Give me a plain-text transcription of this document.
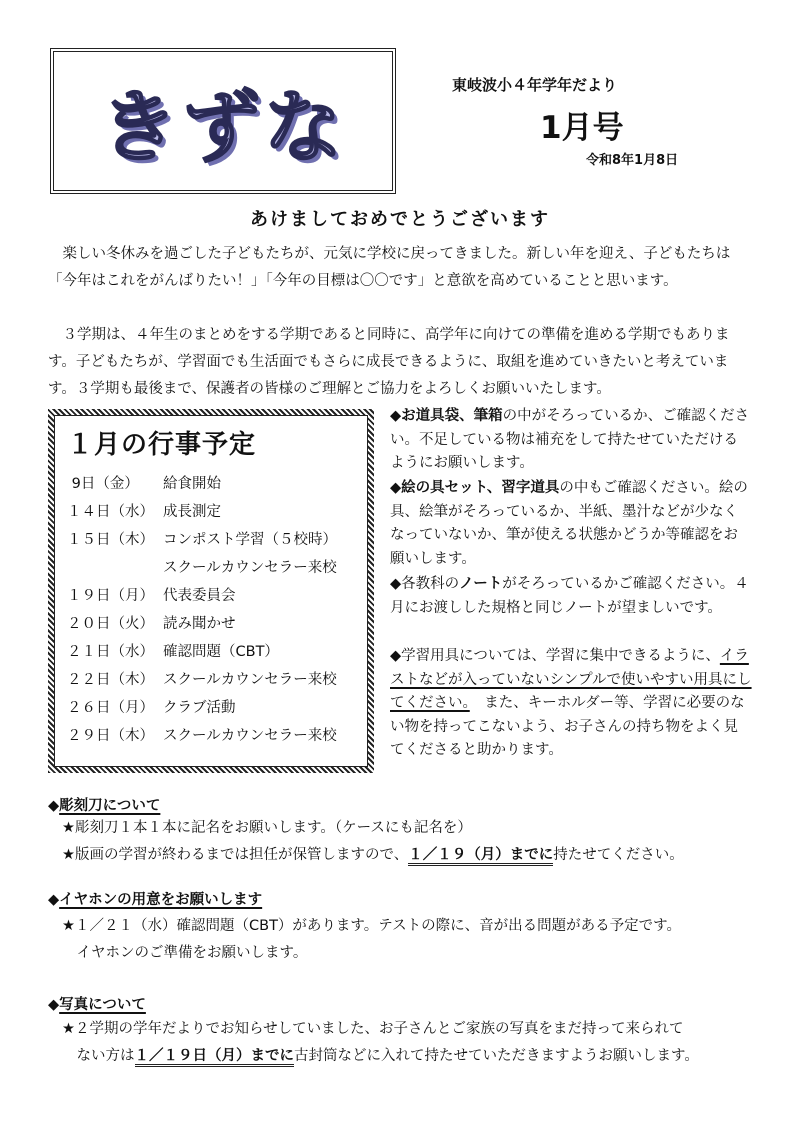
きずな	東岐波小４年学年だより
1月号
令和8年1月8日
あけましておめでとうございます
楽しい冬休みを過ごした子どもたちが、元気に学校に戻ってきました。新しい年を迎え、子どもたちは「今年はこれをがんばりたい！」「今年の目標は〇〇です」と意欲を高めていることと思います。
３学期は、４年生のまとめをする学期であると同時に、高学年に向けての準備を進める学期でもあります。子どもたちが、学習面でも生活面でもさらに成長できるように、取組を進めていきたいと考えています。３学期も最後まで、保護者の皆様のご理解とご協力をよろしくお願いいたします。
１月の行事予定
9日（金） 給食開始
１４日（水） 成長測定
１５日（木） コンポスト学習（５校時）
スクールカウンセラー来校
１９日（月） 代表委員会
２０日（火） 読み聞かせ
２１日（水） 確認問題（CBT）
２２日（木） スクールカウンセラー来校
２６日（月） クラブ活動
２９日（木） スクールカウンセラー来校
◆お道具袋、筆箱の中がそろっているか、ご確認ください。不足している物は補充をして持たせていただけるようにお願いします。
◆絵の具セット、習字道具の中もご確認ください。絵の具、絵筆がそろっているか、半紙、墨汁などが少なくなっていないか、筆が使える状態かどうか等確認をお願いします。
◆各教科のノートがそろっているかご確認ください。４月にお渡しした規格と同じノートが望ましいです。
◆学習用具については、学習に集中できるように、イラストなどが入っていないシンプルで使いやすい用具にしてください。　また、キーホルダー等、学習に必要のない物を持ってこないよう、お子さんの持ち物をよく見てくださると助かります。
◆彫刻刀について
★彫刻刀１本１本に記名をお願いします。（ケースにも記名を）
★版画の学習が終わるまでは担任が保管しますので、１／１９（月）までに持たせてください。
◆イヤホンの用意をお願いします
★１／２１（水）確認問題（CBT）があります。テストの際に、音が出る問題がある予定です。
　イヤホンのご準備をお願いします。
◆写真について
★２学期の学年だよりでお知らせしていました、お子さんとご家族の写真をまだ持って来られて
　ない方は１／１９日（月）までに古封筒などに入れて持たせていただきますようお願いします。
